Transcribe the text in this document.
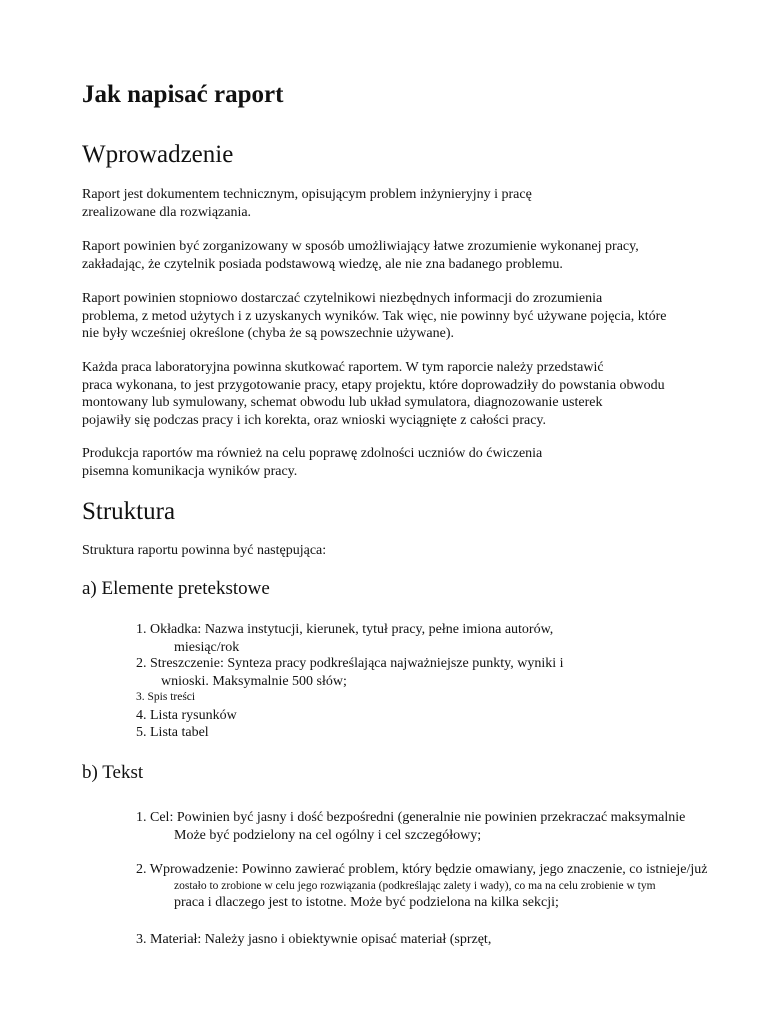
Jak napisać raport
Wprowadzenie
Raport jest dokumentem technicznym, opisującym problem inżynieryjny i pracę
zrealizowane dla rozwiązania.
Raport powinien być zorganizowany w sposób umożliwiający łatwe zrozumienie wykonanej pracy,
zakładając, że czytelnik posiada podstawową wiedzę, ale nie zna badanego problemu.
Raport powinien stopniowo dostarczać czytelnikowi niezbędnych informacji do zrozumienia
problema, z metod użytych i z uzyskanych wyników. Tak więc, nie powinny być używane pojęcia, które
nie były wcześniej określone (chyba że są powszechnie używane).
Każda praca laboratoryjna powinna skutkować raportem. W tym raporcie należy przedstawić
praca wykonana, to jest przygotowanie pracy, etapy projektu, które doprowadziły do powstania obwodu
montowany lub symulowany, schemat obwodu lub układ symulatora, diagnozowanie usterek
pojawiły się podczas pracy i ich korekta, oraz wnioski wyciągnięte z całości pracy.
Produkcja raportów ma również na celu poprawę zdolności uczniów do ćwiczenia
pisemna komunikacja wyników pracy.
Struktura
Struktura raportu powinna być następująca:
a) Elemente pretekstowe
1. Okładka: Nazwa instytucji, kierunek, tytuł pracy, pełne imiona autorów,
miesiąc/rok
2. Streszczenie: Synteza pracy podkreślająca najważniejsze punkty, wyniki i
wnioski. Maksymalnie 500 słów;
3. Spis treści
4. Lista rysunków
5. Lista tabel
b) Tekst
1. Cel: Powinien być jasny i dość bezpośredni (generalnie nie powinien przekraczać maksymalnie
Może być podzielony na cel ogólny i cel szczegółowy;
2. Wprowadzenie: Powinno zawierać problem, który będzie omawiany, jego znaczenie, co istnieje/już
zostało to zrobione w celu jego rozwiązania (podkreślając zalety i wady), co ma na celu zrobienie w tym
praca i dlaczego jest to istotne. Może być podzielona na kilka sekcji;
3. Materiał: Należy jasno i obiektywnie opisać materiał (sprzęt,
